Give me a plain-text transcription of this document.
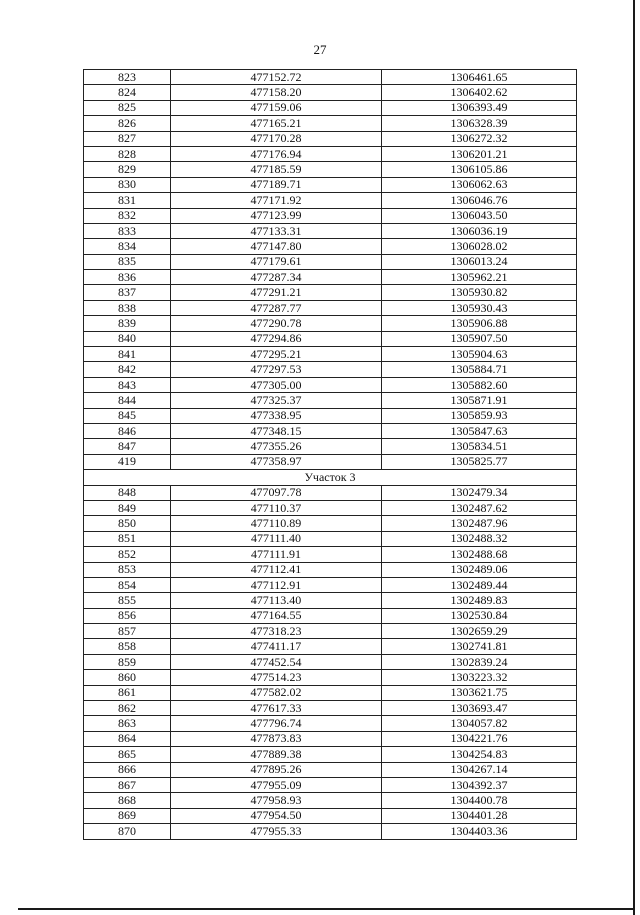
27
823	477152.72	1306461.65
824	477158.20	1306402.62
825	477159.06	1306393.49
826	477165.21	1306328.39
827	477170.28	1306272.32
828	477176.94	1306201.21
829	477185.59	1306105.86
830	477189.71	1306062.63
831	477171.92	1306046.76
832	477123.99	1306043.50
833	477133.31	1306036.19
834	477147.80	1306028.02
835	477179.61	1306013.24
836	477287.34	1305962.21
837	477291.21	1305930.82
838	477287.77	1305930.43
839	477290.78	1305906.88
840	477294.86	1305907.50
841	477295.21	1305904.63
842	477297.53	1305884.71
843	477305.00	1305882.60
844	477325.37	1305871.91
845	477338.95	1305859.93
846	477348.15	1305847.63
847	477355.26	1305834.51
419	477358.97	1305825.77
Участок 3		
848	477097.78	1302479.34
849	477110.37	1302487.62
850	477110.89	1302487.96
851	477111.40	1302488.32
852	477111.91	1302488.68
853	477112.41	1302489.06
854	477112.91	1302489.44
855	477113.40	1302489.83
856	477164.55	1302530.84
857	477318.23	1302659.29
858	477411.17	1302741.81
859	477452.54	1302839.24
860	477514.23	1303223.32
861	477582.02	1303621.75
862	477617.33	1303693.47
863	477796.74	1304057.82
864	477873.83	1304221.76
865	477889.38	1304254.83
866	477895.26	1304267.14
867	477955.09	1304392.37
868	477958.93	1304400.78
869	477954.50	1304401.28
870	477955.33	1304403.36
